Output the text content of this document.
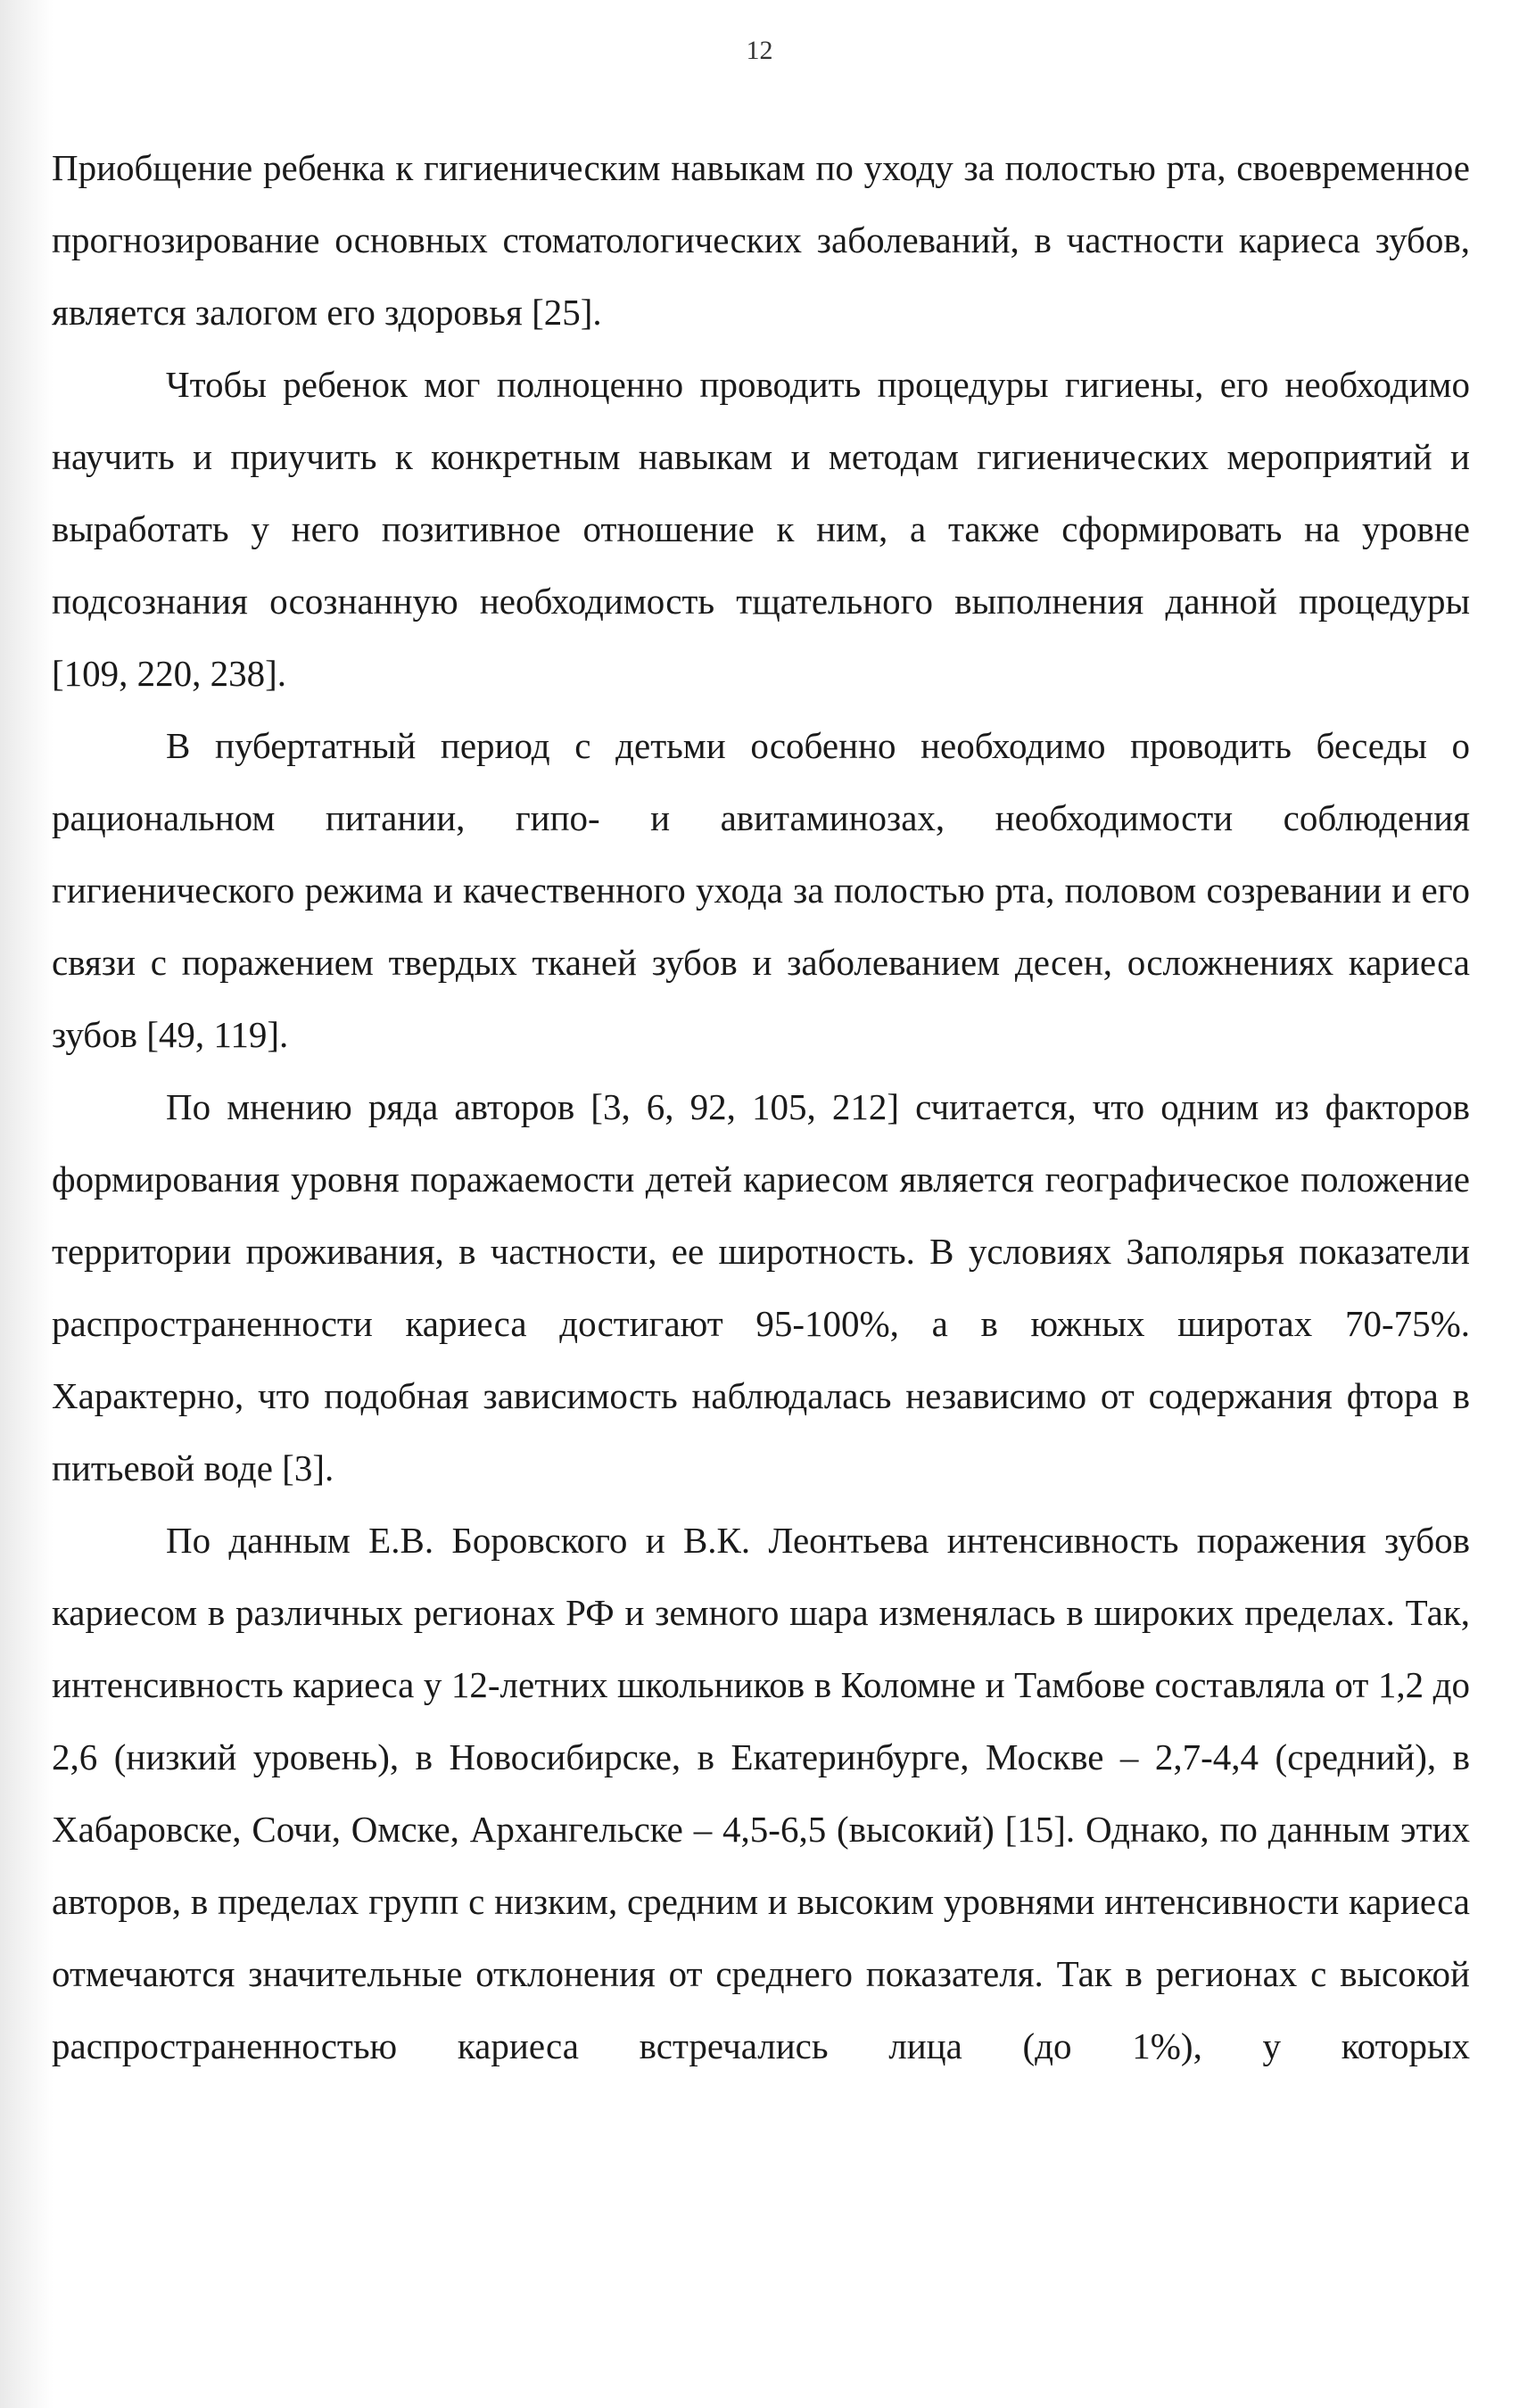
12

Приобщение ребенка к гигиеническим навыкам по уходу за полостью рта, своевременное прогнозирование основных стоматологических заболеваний, в частности кариеса зубов, является залогом его здоровья [25].

Чтобы ребенок мог полноценно проводить процедуры гигиены, его необходимо научить и приучить к конкретным навыкам и методам гигиенических мероприятий и выработать у него позитивное отношение к ним, а также сформировать на уровне подсознания осознанную необходимость тщательного выполнения данной процедуры [109, 220, 238].

В пубертатный период с детьми особенно необходимо проводить беседы о рациональном питании, гипо- и авитаминозах, необходимости соблюдения гигиенического режима и качественного ухода за полостью рта, половом созревании и его связи с поражением твердых тканей зубов и заболеванием десен, осложнениях кариеса зубов [49, 119].

По мнению ряда авторов [3, 6, 92, 105, 212] считается, что одним из факторов формирования уровня поражаемости детей кариесом является географическое положение территории проживания, в частности, ее широтность. В условиях Заполярья показатели распространенности кариеса достигают 95-100%, а в южных широтах 70-75%. Характерно, что подобная зависимость наблюдалась независимо от содержания фтора в питьевой воде [3].

По данным Е.В. Боровского и В.К. Леонтьева интенсивность поражения зубов кариесом в различных регионах РФ и земного шара изменялась в широких пределах. Так, интенсивность кариеса у 12-летних школьников в Коломне и Тамбове составляла от 1,2 до 2,6 (низкий уровень), в Новосибирске, в Екатеринбурге, Москве – 2,7-4,4 (средний), в Хабаровске, Сочи, Омске, Архангельске – 4,5-6,5 (высокий) [15]. Однако, по данным этих авторов, в пределах групп с низким, средним и высоким уровнями интенсивности кариеса отмечаются значительные отклонения от среднего показателя. Так в регионах с высокой распространенностью кариеса встречались лица (до 1%), у которых
